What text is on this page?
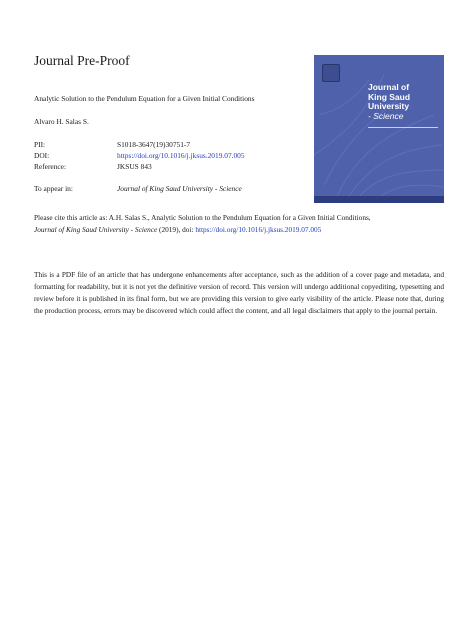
Journal Pre-Proof
Analytic Solution to the Pendulum Equation for a Given Initial Conditions
Alvaro H. Salas S.
PII:	S1018-3647(19)30751-7
DOI:	https://doi.org/10.1016/j.jksus.2019.07.005
Reference:	JKSUS 843
To appear in:	Journal of King Saud University - Science
Journal of
King Saud University
- Science
Please cite this article as: A.H. Salas S., Analytic Solution to the Pendulum Equation for a Given Initial Conditions,
Journal of King Saud University - Science (2019), doi: https://doi.org/10.1016/j.jksus.2019.07.005
This is a PDF file of an article that has undergone enhancements after acceptance, such as the addition of a cover page and metadata, and formatting for readability, but it is not yet the definitive version of record. This version will undergo additional copyediting, typesetting and review before it is published in its final form, but we are providing this version to give early visibility of the article. Please note that, during the production process, errors may be discovered which could affect the content, and all legal disclaimers that apply to the journal pertain.
